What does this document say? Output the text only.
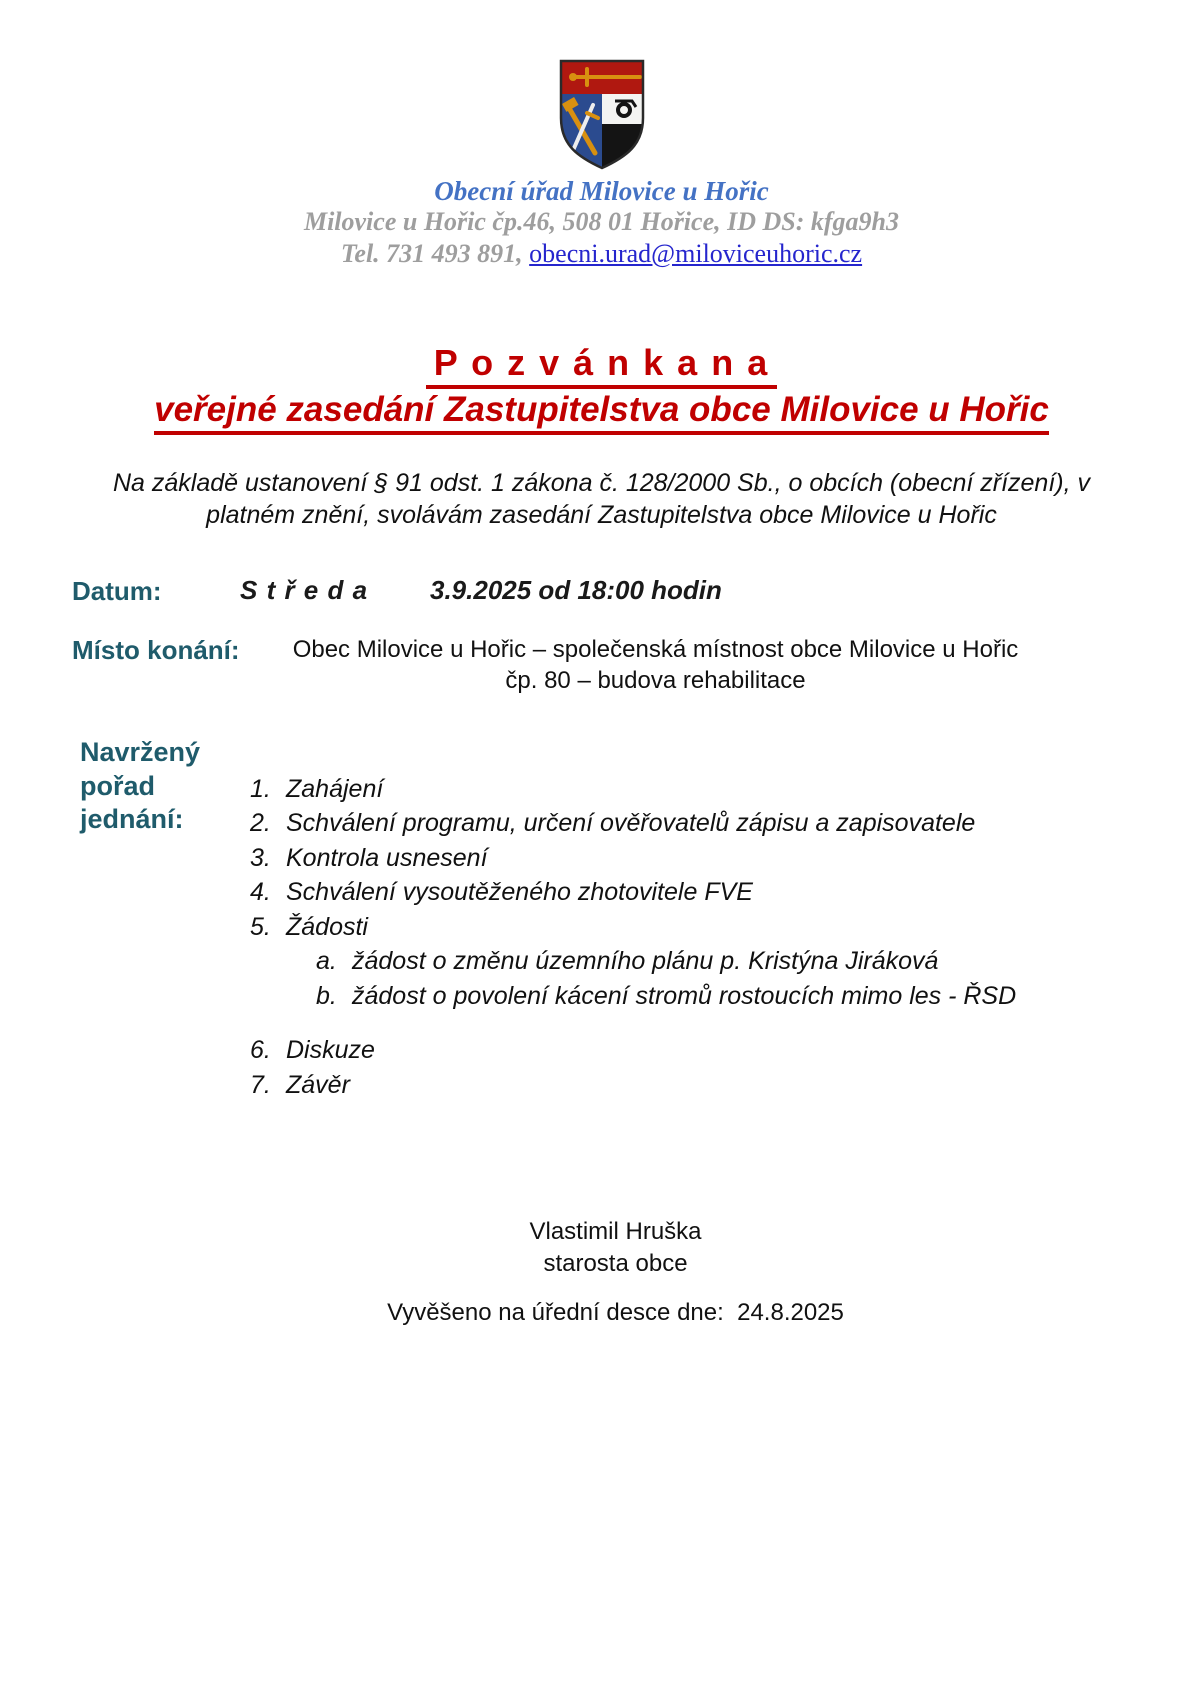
Obecní úřad Milovice u Hořic
Milovice u Hořic čp.46, 508 01 Hořice, ID DS: kfga9h3
Tel. 731 493 891, obecni.urad@miloviceuhoric.cz
P o z v á n k a n a
veřejné zasedání Zastupitelstva obce Milovice u Hořic

Na základě ustanovení § 91 odst. 1 zákona č. 128/2000 Sb., o obcích (obecní zřízení), v platném znění, svolávám zasedání Zastupitelstva obce Milovice u Hořic

Datum:	S t ř e d a	3.9.2025 od 18:00 hodin
Místo konání:	Obec Milovice u Hořic – společenská místnost obce Milovice u Hořic
čp. 80 – budova rehabilitace
Navržený
pořad
jednání:
1. Zahájení
2. Schválení programu, určení ověřovatelů zápisu a zapisovatele
3. Kontrola usnesení
4. Schválení vysoutěženého zhotovitele FVE
5. Žádosti
a. žádost o změnu územního plánu p. Kristýna Jiráková
b. žádost o povolení kácení stromů rostoucích mimo les - ŘSD
6. Diskuze
7. Závěr
Vlastimil Hruška
starosta obce
Vyvěšeno na úřední desce dne:  24.8.2025
